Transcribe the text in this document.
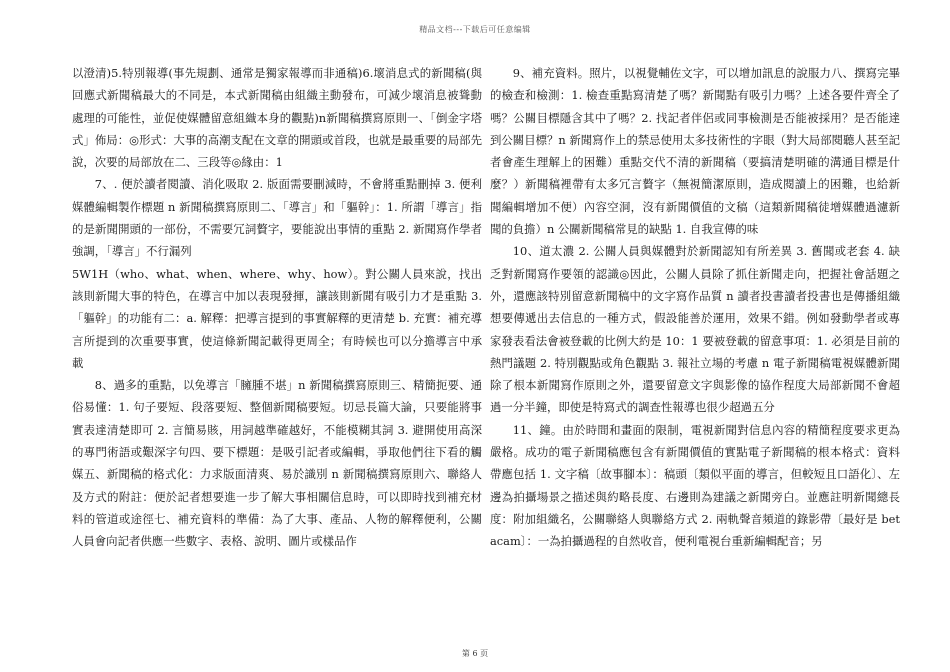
精品文档---下载后可任意编辑

以澄清)5.特別報導(事先規劃、通常是獨家報導而非通稿)6.壞消息式的新聞稿(與回應式新聞稿最大的不同是，本式新聞稿由組織主動發布，可減少壞消息被聳動處理的可能性，並促使媒體留意組織本身的觀點)n新聞稿撰寫原則一、「倒金字塔式」佈局：◎形式：大事的高潮支配在文章的開頭或首段，也就是最重要的局部先說，次要的局部放在二、三段等◎緣由：1

7、. 便於讀者閱讀、消化吸取 2. 版面需要刪減時，不會將重點刪掉 3. 便利媒體編輯製作標題 n 新聞稿撰寫原則二、「導言」和「軀幹」：1. 所謂「導言」指的是新聞開頭的一部份，不需要冗詞贅字，要能說出事情的重點 2. 新聞寫作學者強調，「導言」不行漏列

5W1H（who、what、when、where、why、how）。對公關人員來說，找出該則新聞大事的特色，在導言中加以表現發揮，讓該則新聞有吸引力才是重點 3.「軀幹」的功能有二：a. 解釋：把導言提到的事實解釋的更清楚 b. 充實：補充導言所提到的次重要事實，使這條新聞記載得更周全；有時候也可以分擔導言中承載

8、過多的重點，以免導言「臃腫不堪」n 新聞稿撰寫原則三、精簡扼要、通俗易懂：1. 句子要短、段落要短、整個新聞稿要短。切忌長篇大論，只要能將事實表達清楚即可 2. 言簡易賅，用詞越準確越好，不能模糊其詞 3. 避開使用高深的專門術語或艱深字句四、要下標題：是吸引記者或編輯，爭取他們往下看的觸媒五、新聞稿的格式化：力求版面清爽、易於識別 n 新聞稿撰寫原則六、聯絡人及方式的附註：便於記者想要進一步了解大事相關信息時，可以即時找到補充材料的管道或途徑七、補充資料的準備：為了大事、產品、人物的解釋便利，公關人員會向記者供應一些數字、表格、說明、圖片或樣品作

9、補充資料。照片，以視覺輔佐文字，可以增加訊息的說服力八、撰寫完畢的檢查和檢測：1. 檢查重點寫清楚了嗎？新聞點有吸引力嗎？上述各要件齊全了嗎？公關目標隱含其中了嗎？2. 找記者伴侶或同事檢測是否能被採用？是否能達到公關目標？n 新聞寫作上的禁忌使用太多技術性的字眼（對大局部閱聽人甚至記者會產生理解上的困難）重點交代不清的新聞稿（要搞清楚明確的溝通目標是什麼？）新聞稿裡帶有太多冗言贅字（無視簡潔原則，造成閱讀上的困難，也給新聞編輯增加不便）內容空洞，沒有新聞價值的文稿（這類新聞稿徒增媒體過濾新聞的負擔）n 公關新聞稿常見的缺點 1. 自我宣傳的味

10、道太濃 2. 公關人員與媒體對於新聞認知有所差異 3. 舊聞或老套 4. 缺乏對新聞寫作要領的認識◎因此，公關人員除了抓住新聞走向，把握社會話題之外，還應該特別留意新聞稿中的文字寫作品質 n 讀者投書讀者投書也是傳播組織想要傳遞出去信息的一種方式，假設能善於運用，效果不錯。例如發動學者或專家發表看法會被登載的比例大約是 10：1 要被登載的留意事項：1. 必須是目前的熱門議題 2. 特別觀點或角色觀點 3. 報社立場的考慮 n 電子新聞稿電視媒體新聞除了根本新聞寫作原則之外，還要留意文字與影像的協作程度大局部新聞不會超過一分半鐘，即使是特寫式的調查性報導也很少超過五分

11、鐘。由於時間和畫面的限制，電視新聞對信息內容的精簡程度要求更為嚴格。成功的電子新聞稿應包含有新聞價值的實點電子新聞稿的根本格式：資料帶應包括 1. 文字稿〔故事腳本〕：稿頭〔類似平面的導言，但較短且口語化〕、左邊為拍攝場景之描述與約略長度、右邊則為建議之新聞旁白。並應註明新聞總長度：附加組織名，公關聯絡人與聯絡方式 2. 兩軌聲音頻道的錄影帶〔最好是 betacam〕：一為拍攝過程的自然收音，便利電視台重新編輯配音；另

第 6 页
